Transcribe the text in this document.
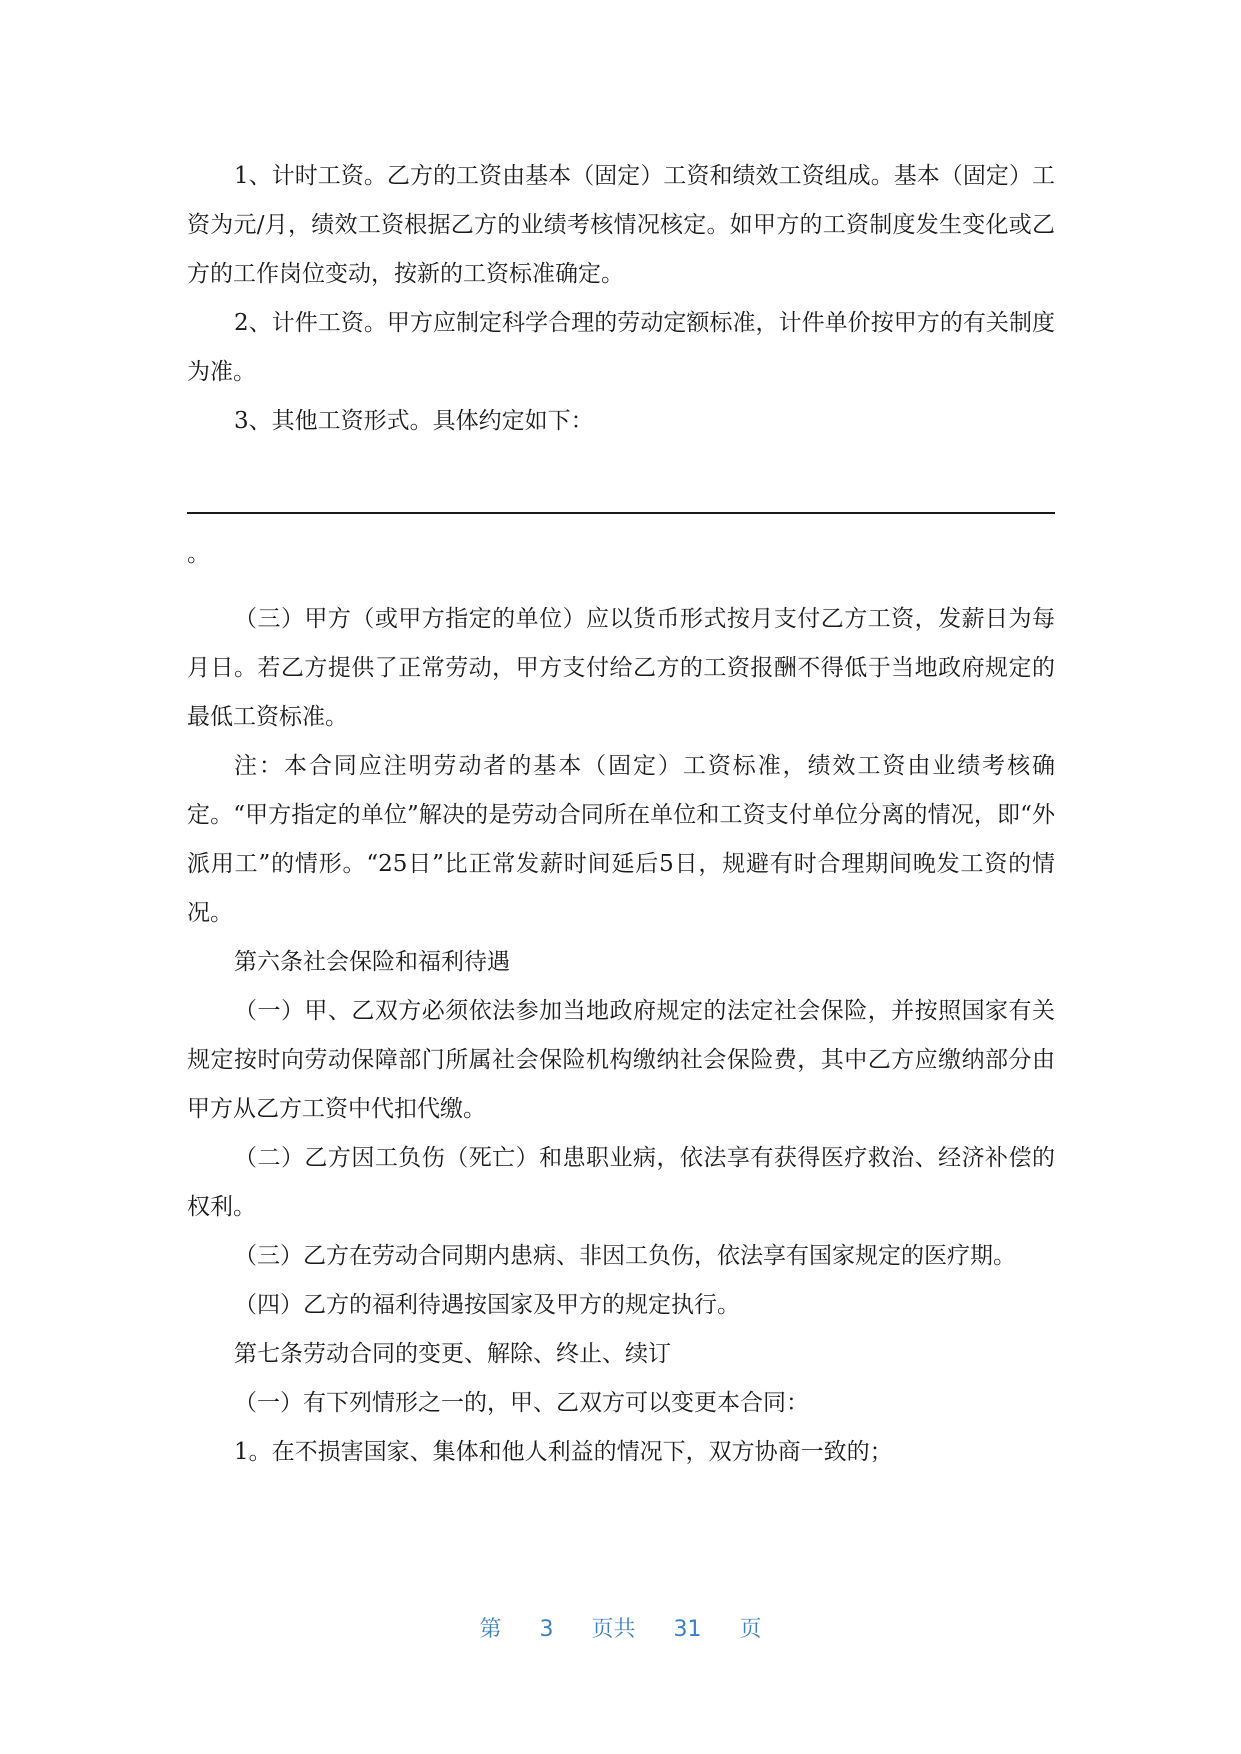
1、计时工资。乙方的工资由基本（固定）工资和绩效工资组成。基本（固定）工资为元/月，绩效工资根据乙方的业绩考核情况核定。如甲方的工资制度发生变化或乙方的工作岗位变动，按新的工资标准确定。

2、计件工资。甲方应制定科学合理的劳动定额标准，计件单价按甲方的有关制度为准。

3、其他工资形式。具体约定如下：

。

（三）甲方（或甲方指定的单位）应以货币形式按月支付乙方工资，发薪日为每月日。若乙方提供了正常劳动，甲方支付给乙方的工资报酬不得低于当地政府规定的最低工资标准。

注：本合同应注明劳动者的基本（固定）工资标准，绩效工资由业绩考核确定。“甲方指定的单位”解决的是劳动合同所在单位和工资支付单位分离的情况，即“外派用工”的情形。“25日”比正常发薪时间延后5日，规避有时合理期间晚发工资的情况。

第六条社会保险和福利待遇

（一）甲、乙双方必须依法参加当地政府规定的法定社会保险，并按照国家有关规定按时向劳动保障部门所属社会保险机构缴纳社会保险费，其中乙方应缴纳部分由甲方从乙方工资中代扣代缴。

（二）乙方因工负伤（死亡）和患职业病，依法享有获得医疗救治、经济补偿的权利。

（三）乙方在劳动合同期内患病、非因工负伤，依法享有国家规定的医疗期。

（四）乙方的福利待遇按国家及甲方的规定执行。

第七条劳动合同的变更、解除、终止、续订

（一）有下列情形之一的，甲、乙双方可以变更本合同：

1。在不损害国家、集体和他人利益的情况下，双方协商一致的；

第 3 页共 31 页
